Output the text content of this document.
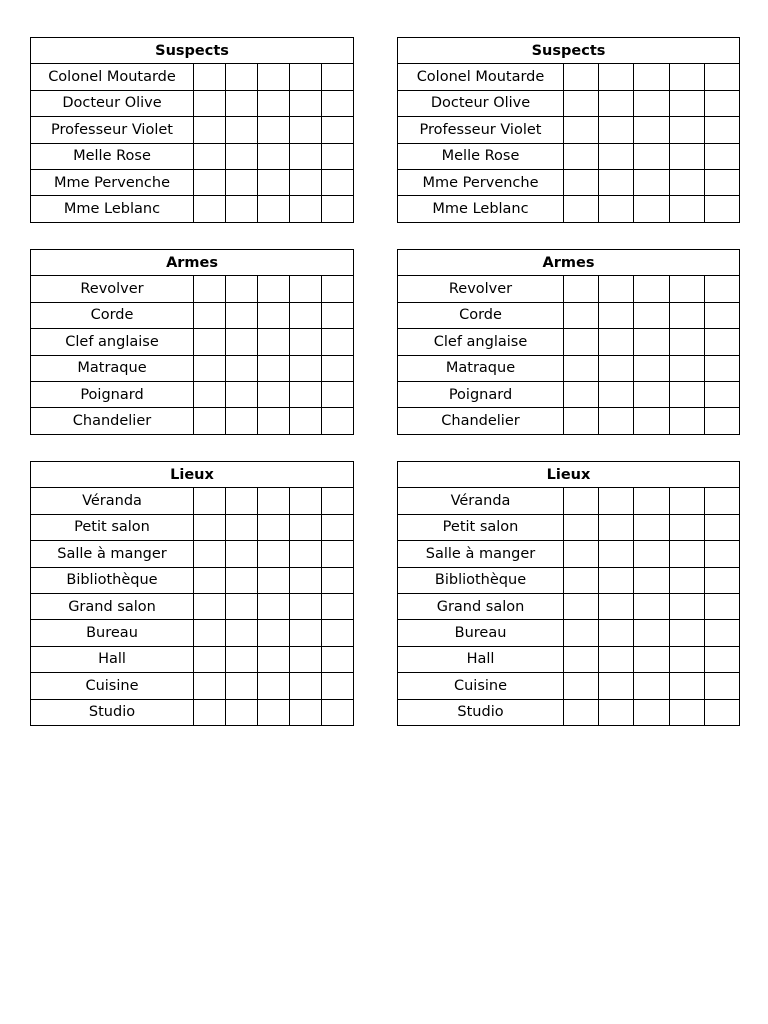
Suspects					
Colonel Moutarde					
Docteur Olive					
Professeur Violet					
Melle Rose					
Mme Pervenche					
Mme Leblanc					
Suspects					
Colonel Moutarde					
Docteur Olive					
Professeur Violet					
Melle Rose					
Mme Pervenche					
Mme Leblanc					
Armes					
Revolver					
Corde					
Clef anglaise					
Matraque					
Poignard					
Chandelier					
Armes					
Revolver					
Corde					
Clef anglaise					
Matraque					
Poignard					
Chandelier					
Lieux					
Véranda					
Petit salon					
Salle à manger					
Bibliothèque					
Grand salon					
Bureau					
Hall					
Cuisine					
Studio					
Lieux					
Véranda					
Petit salon					
Salle à manger					
Bibliothèque					
Grand salon					
Bureau					
Hall					
Cuisine					
Studio					
